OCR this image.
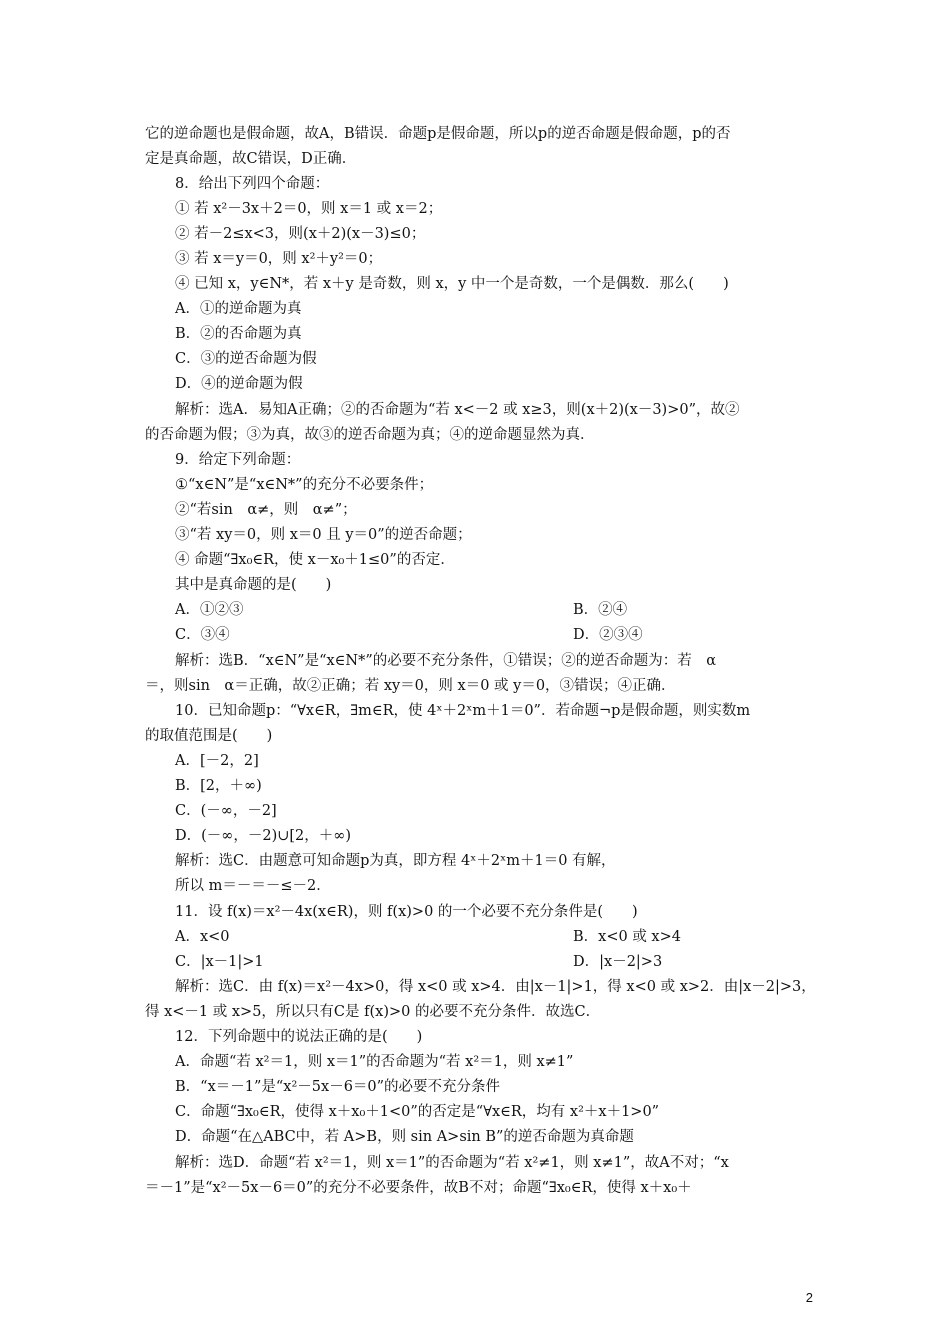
它的逆命题也是假命题，故A，B错误．命题p是假命题，所以p的逆否命题是假命题，p的否
定是真命题，故C错误，D正确．
8．给出下列四个命题：
① 若 x²－3x＋2＝0，则 x＝1 或 x＝2；
② 若－2≤x<3，则(x＋2)(x－3)≤0；
③ 若 x＝y＝0，则 x²＋y²＝0；
④ 已知 x，y∈N*，若 x＋y 是奇数，则 x，y 中一个是奇数，一个是偶数．那么(　　)
A．①的逆命题为真
B．②的否命题为真
C．③的逆否命题为假
D．④的逆命题为假
解析：选A．易知A正确；②的否命题为“若 x<－2 或 x≥3，则(x＋2)(x－3)>0”，故②
的否命题为假；③为真，故③的逆否命题为真；④的逆命题显然为真．
9．给定下列命题：
①“x∈N”是“x∈N*”的充分不必要条件；
②“若sin　α≠，则　α≠”；
③“若 xy＝0，则 x＝0 且 y＝0”的逆否命题；
④ 命题“∃x₀∈R，使 x－x₀＋1≤0”的否定．
其中是真命题的是(　　)
A．①②③	B．②④
C．③④	D．②③④
解析：选B．“x∈N”是“x∈N*”的必要不充分条件，①错误；②的逆否命题为：若　α
＝，则sin　α＝正确，故②正确；若 xy＝0，则 x＝0 或 y＝0，③错误；④正确．
10．已知命题p：“∀x∈R，∃m∈R，使 4ˣ＋2ˣm＋1＝0”．若命题¬p是假命题，则实数m
的取值范围是(　　)
A．[－2，2]
B．[2，＋∞)
C．(－∞，－2]
D．(－∞，－2)∪[2，＋∞)
解析：选C．由题意可知命题p为真，即方程 4ˣ＋2ˣm＋1＝0 有解，
所以 m＝－＝－≤－2．
11．设 f(x)＝x²－4x(x∈R)，则 f(x)>0 的一个必要不充分条件是(　　)
A．x<0	B．x<0 或 x>4
C．|x－1|>1	D．|x－2|>3
解析：选C．由 f(x)＝x²－4x>0，得 x<0 或 x>4．由|x－1|>1，得 x<0 或 x>2．由|x－2|>3，
得 x<－1 或 x>5，所以只有C是 f(x)>0 的必要不充分条件．故选C．
12．下列命题中的说法正确的是(　　)
A．命题“若 x²＝1，则 x＝1”的否命题为“若 x²＝1，则 x≠1”
B．“x＝－1”是“x²－5x－6＝0”的必要不充分条件
C．命题“∃x₀∈R，使得 x＋x₀＋1<0”的否定是“∀x∈R，均有 x²＋x＋1>0”
D．命题“在△ABC中，若 A>B，则 sin A>sin B”的逆否命题为真命题
解析：选D．命题“若 x²＝1，则 x＝1”的否命题为“若 x²≠1，则 x≠1”，故A不对；“x
＝－1”是“x²－5x－6＝0”的充分不必要条件，故B不对；命题“∃x₀∈R，使得 x＋x₀＋
2
